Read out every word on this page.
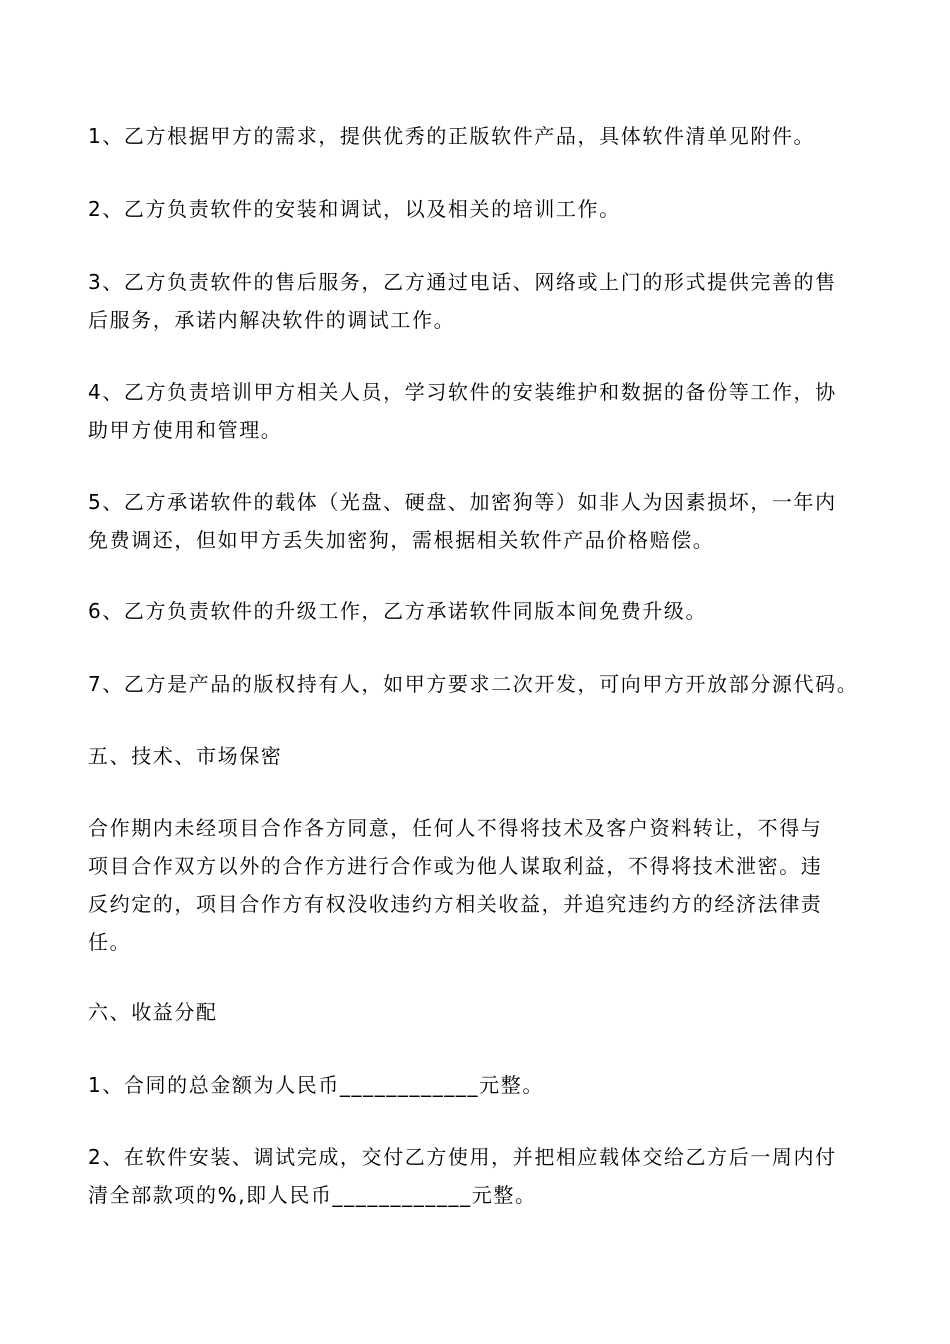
1、乙方根据甲方的需求，提供优秀的正版软件产品，具体软件清单见附件。

2、乙方负责软件的安装和调试，以及相关的培训工作。

3、乙方负责软件的售后服务，乙方通过电话、网络或上门的形式提供完善的售
后服务，承诺内解决软件的调试工作。

4、乙方负责培训甲方相关人员，学习软件的安装维护和数据的备份等工作，协
助甲方使用和管理。

5、乙方承诺软件的载体（光盘、硬盘、加密狗等）如非人为因素损坏，一年内
免费调还，但如甲方丢失加密狗，需根据相关软件产品价格赔偿。

6、乙方负责软件的升级工作，乙方承诺软件同版本间免费升级。

7、乙方是产品的版权持有人，如甲方要求二次开发，可向甲方开放部分源代码。

五、技术、市场保密

合作期内未经项目合作各方同意，任何人不得将技术及客户资料转让，不得与
项目合作双方以外的合作方进行合作或为他人谋取利益，不得将技术泄密。违
反约定的，项目合作方有权没收违约方相关收益，并追究违约方的经济法律责
任。

六、收益分配

1、合同的总金额为人民币____________元整。

2、在软件安装、调试完成，交付乙方使用，并把相应载体交给乙方后一周内付
清全部款项的%,即人民币____________元整。
